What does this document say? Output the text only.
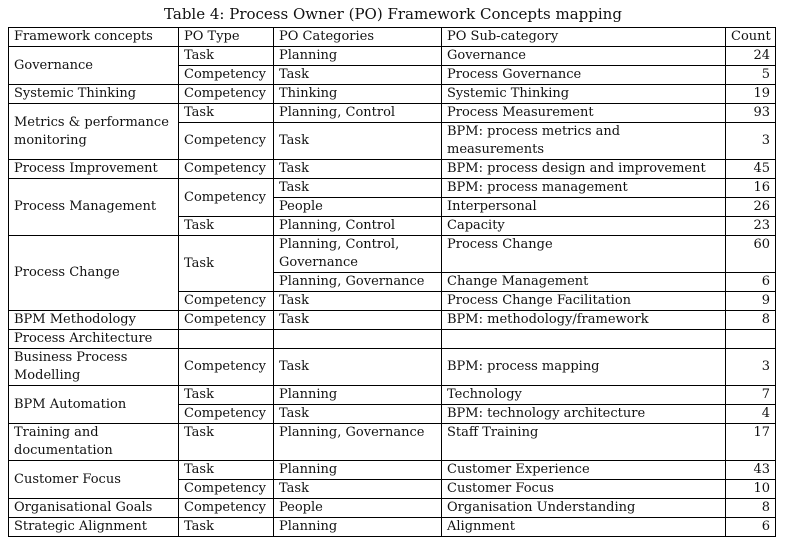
Table 4: Process Owner (PO) Framework Concepts mapping
Framework concepts	PO Type	PO Categories	PO Sub-category	Count
Governance	Task	Planning	Governance	24
	Competency	Task	Process Governance	5
Systemic Thinking	Competency	Thinking	Systemic Thinking	19
Metrics & performance monitoring	Task	Planning, Control	Process Measurement	93
	Competency	Task	BPM: process metrics and measurements	3
Process Improvement	Competency	Task	BPM: process design and improvement	45
Process Management	Competency	Task	BPM: process management	16
		People	Interpersonal	26
	Task	Planning, Control	Capacity	23
Process Change	Task	Planning, Control, Governance	Process Change	60
		Planning, Governance	Change Management	6
	Competency	Task	Process Change Facilitation	9
BPM Methodology	Competency	Task	BPM: methodology/framework	8
Process Architecture				
Business Process Modelling	Competency	Task	BPM: process mapping	3
BPM Automation	Task	Planning	Technology	7
	Competency	Task	BPM: technology architecture	4
Training and documentation	Task	Planning, Governance	Staff Training	17
Customer Focus	Task	Planning	Customer Experience	43
	Competency	Task	Customer Focus	10
Organisational Goals	Competency	People	Organisation Understanding	8
Strategic Alignment	Task	Planning	Alignment	6
